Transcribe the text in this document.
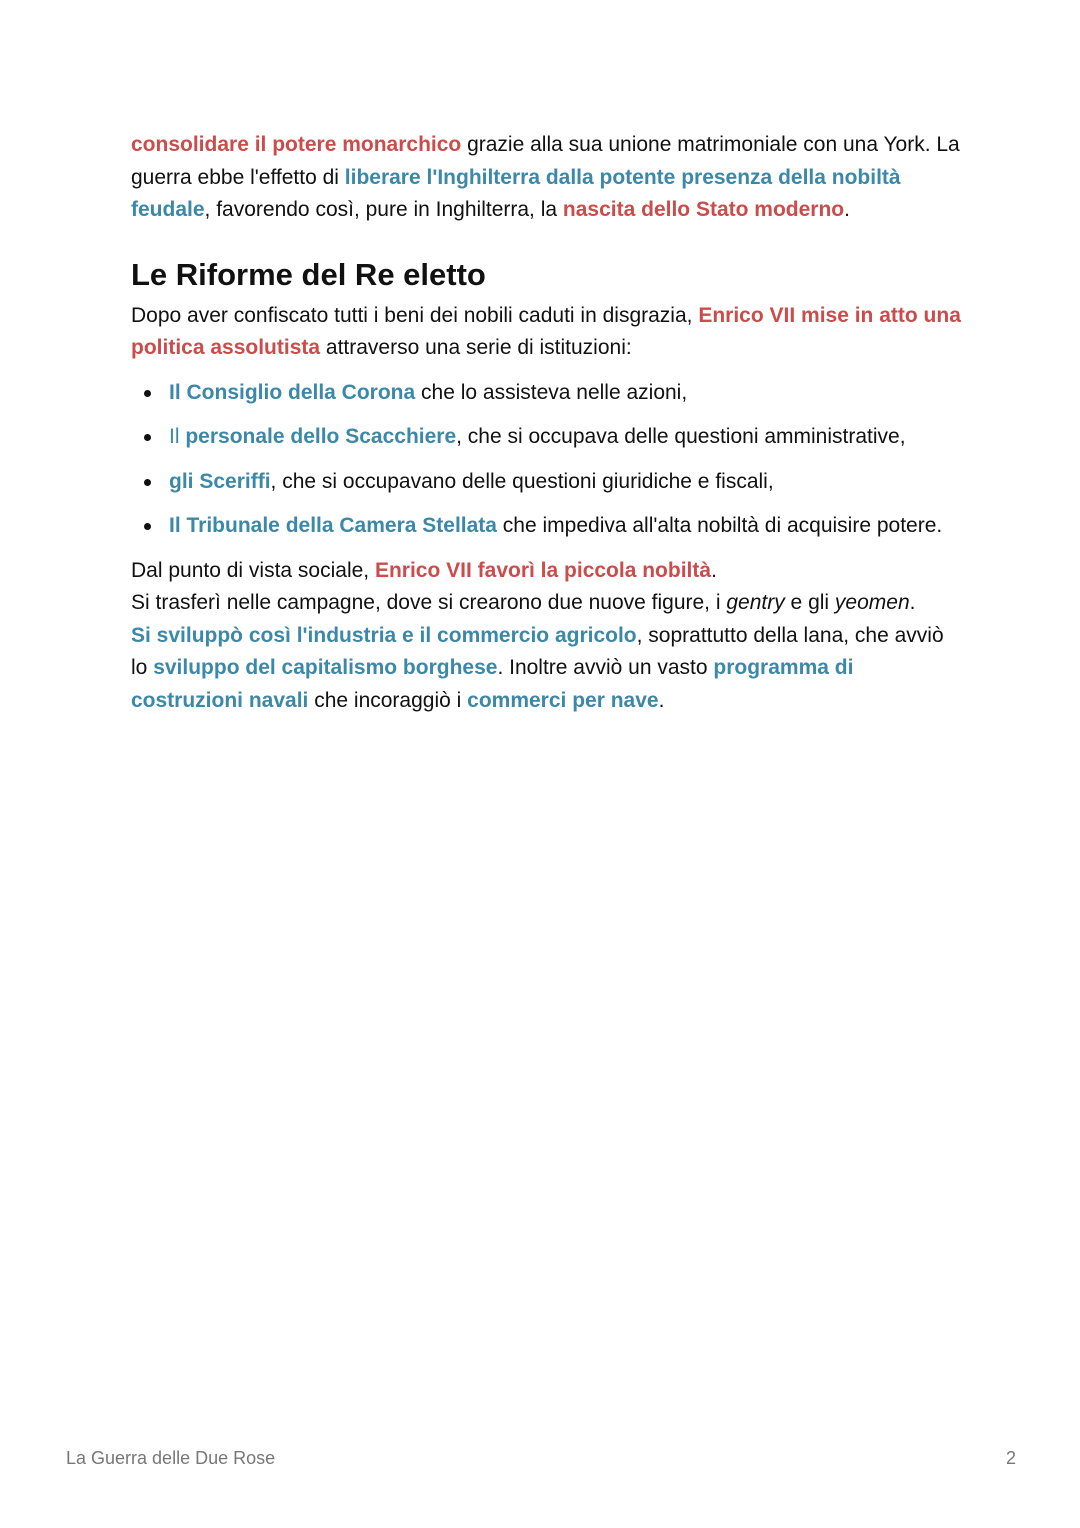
consolidare il potere monarchico grazie alla sua unione matrimoniale con una York. La guerra ebbe l'effetto di liberare l'Inghilterra dalla potente presenza della nobiltà feudale, favorendo così, pure in Inghilterra, la nascita dello Stato moderno.

Le Riforme del Re eletto

Dopo aver confiscato tutti i beni dei nobili caduti in disgrazia, Enrico VII mise in atto una politica assolutista attraverso una serie di istituzioni:

Il Consiglio della Corona che lo assisteva nelle azioni,
Il personale dello Scacchiere, che si occupava delle questioni amministrative,
gli Sceriffi, che si occupavano delle questioni giuridiche e fiscali,
Il Tribunale della Camera Stellata che impediva all'alta nobiltà di acquisire potere.

Dal punto di vista sociale, Enrico VII favorì la piccola nobiltà.
Si trasferì nelle campagne, dove si crearono due nuove figure, i gentry e gli yeomen.
Si sviluppò così l'industria e il commercio agricolo, soprattutto della lana, che avviò
lo sviluppo del capitalismo borghese. Inoltre avviò un vasto programma di costruzioni navali che incoraggiò i commerci per nave.

La Guerra delle Due Rose	2
